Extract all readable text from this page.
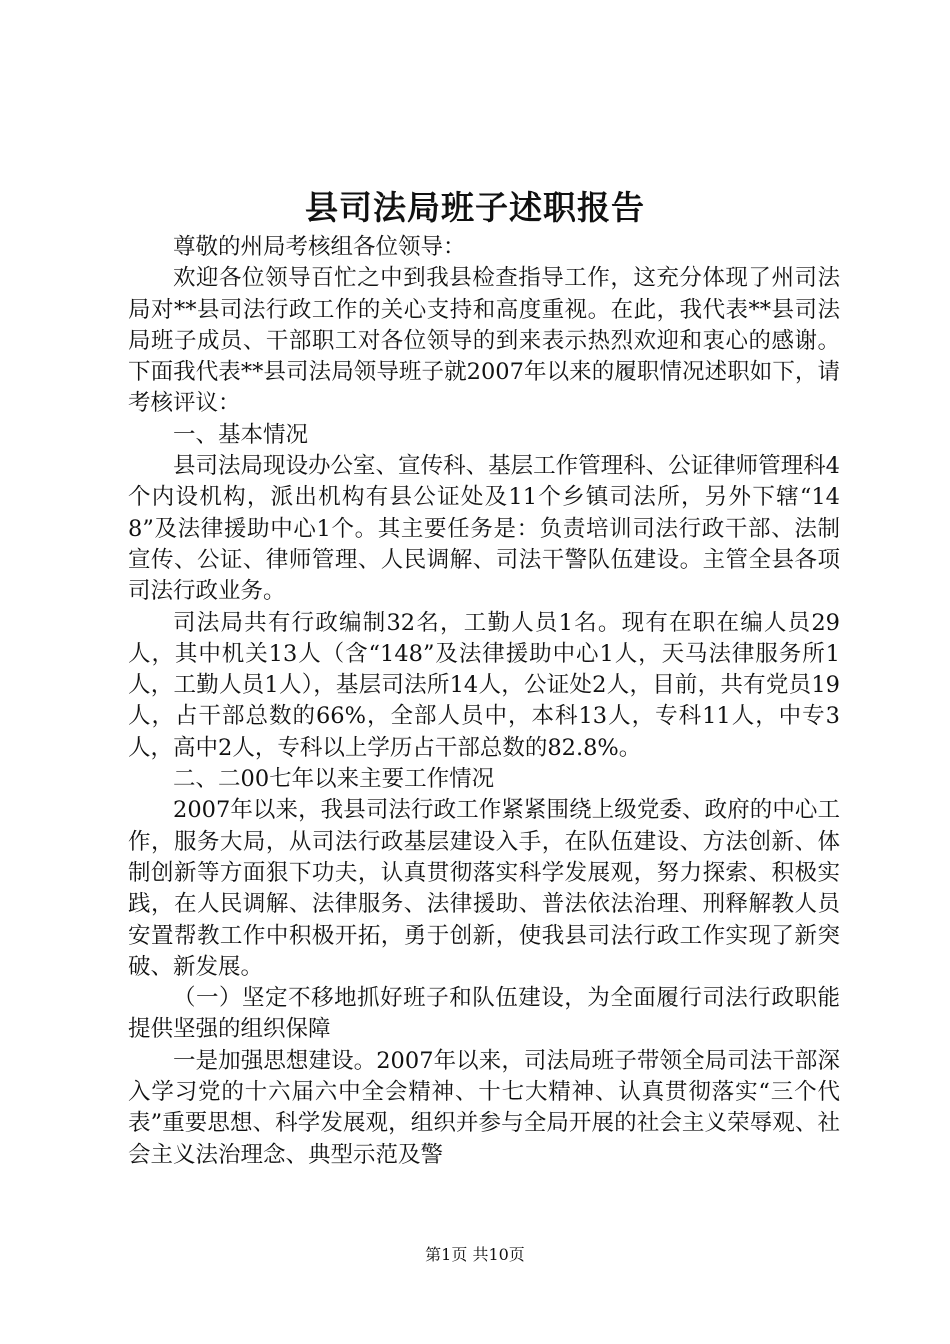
县司法局班子述职报告

尊敬的州局考核组各位领导：

欢迎各位领导百忙之中到我县检查指导工作，这充分体现了州司法局对**县司法行政工作的关心支持和高度重视。在此，我代表**县司法局班子成员、干部职工对各位领导的到来表示热烈欢迎和衷心的感谢。下面我代表**县司法局领导班子就2007年以来的履职情况述职如下，请考核评议：

一、基本情况

县司法局现设办公室、宣传科、基层工作管理科、公证律师管理科4个内设机构，派出机构有县公证处及11个乡镇司法所，另外下辖“148”及法律援助中心1个。其主要任务是：负责培训司法行政干部、法制宣传、公证、律师管理、人民调解、司法干警队伍建设。主管全县各项司法行政业务。

司法局共有行政编制32名，工勤人员1名。现有在职在编人员29人，其中机关13人（含“148”及法律援助中心1人，天马法律服务所1人，工勤人员1人），基层司法所14人，公证处2人，目前，共有党员19人，占干部总数的66%，全部人员中，本科13人，专科11人，中专3人，高中2人，专科以上学历占干部总数的82.8%。

二、二00七年以来主要工作情况

2007年以来，我县司法行政工作紧紧围绕上级党委、政府的中心工作，服务大局，从司法行政基层建设入手，在队伍建设、方法创新、体制创新等方面狠下功夫，认真贯彻落实科学发展观，努力探索、积极实践，在人民调解、法律服务、法律援助、普法依法治理、刑释解教人员安置帮教工作中积极开拓，勇于创新，使我县司法行政工作实现了新突破、新发展。

（一）坚定不移地抓好班子和队伍建设，为全面履行司法行政职能提供坚强的组织保障

一是加强思想建设。2007年以来，司法局班子带领全局司法干部深入学习党的十六届六中全会精神、十七大精神、认真贯彻落实“三个代表”重要思想、科学发展观，组织并参与全局开展的社会主义荣辱观、社会主义法治理念、典型示范及警

第1页 共10页
